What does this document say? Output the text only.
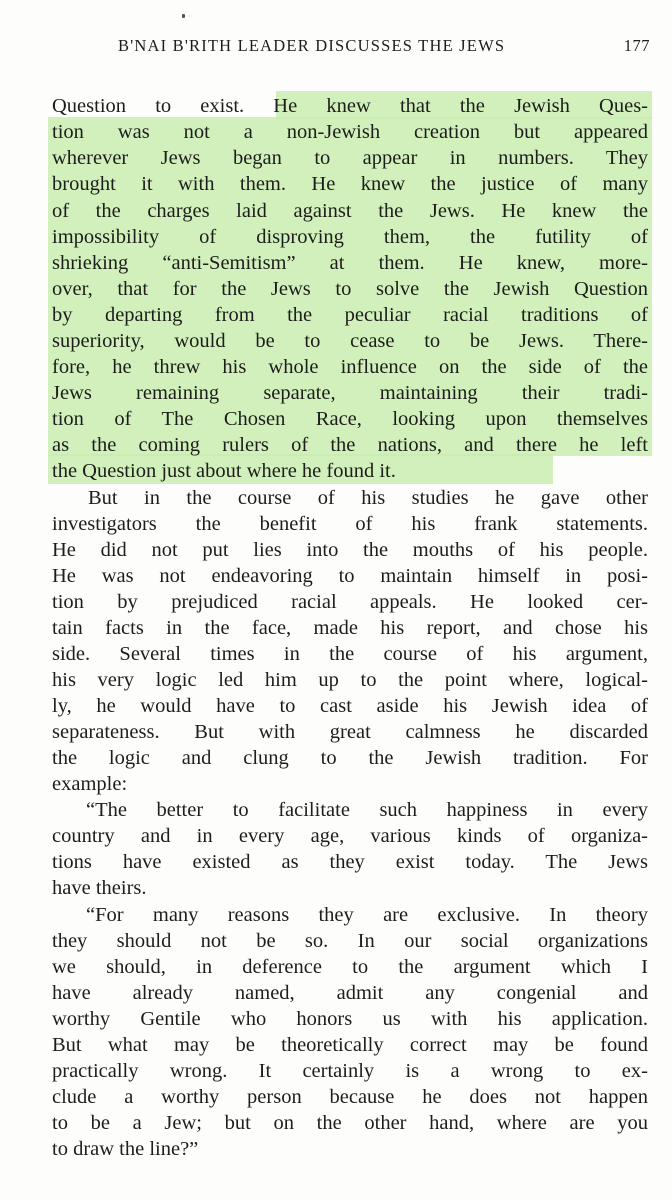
B'NAI B'RITH LEADER DISCUSSES THE JEWS	177
Question to exist. He knew that the Jewish Ques-
tion was not a non-Jewish creation but appeared
wherever Jews began to appear in numbers. They
brought it with them. He knew the justice of many
of the charges laid against the Jews. He knew the
impossibility of disproving them, the futility of
shrieking “anti-Semitism” at them. He knew, more-
over, that for the Jews to solve the Jewish Question
by departing from the peculiar racial traditions of
superiority, would be to cease to be Jews. There-
fore, he threw his whole influence on the side of the
Jews remaining separate, maintaining their tradi-
tion of The Chosen Race, looking upon themselves
as the coming rulers of the nations, and there he left
the Question just about where he found it.
But in the course of his studies he gave other
investigators the benefit of his frank statements.
He did not put lies into the mouths of his people.
He was not endeavoring to maintain himself in posi-
tion by prejudiced racial appeals. He looked cer-
tain facts in the face, made his report, and chose his
side. Several times in the course of his argument,
his very logic led him up to the point where, logical-
ly, he would have to cast aside his Jewish idea of
separateness. But with great calmness he discarded
the logic and clung to the Jewish tradition. For
example:
“The better to facilitate such happiness in every
country and in every age, various kinds of organiza-
tions have existed as they exist today. The Jews
have theirs.
“For many reasons they are exclusive. In theory
they should not be so. In our social organizations
we should, in deference to the argument which I
have already named, admit any congenial and
worthy Gentile who honors us with his application.
But what may be theoretically correct may be found
practically wrong. It certainly is a wrong to ex-
clude a worthy person because he does not happen
to be a Jew; but on the other hand, where are you
to draw the line?”
